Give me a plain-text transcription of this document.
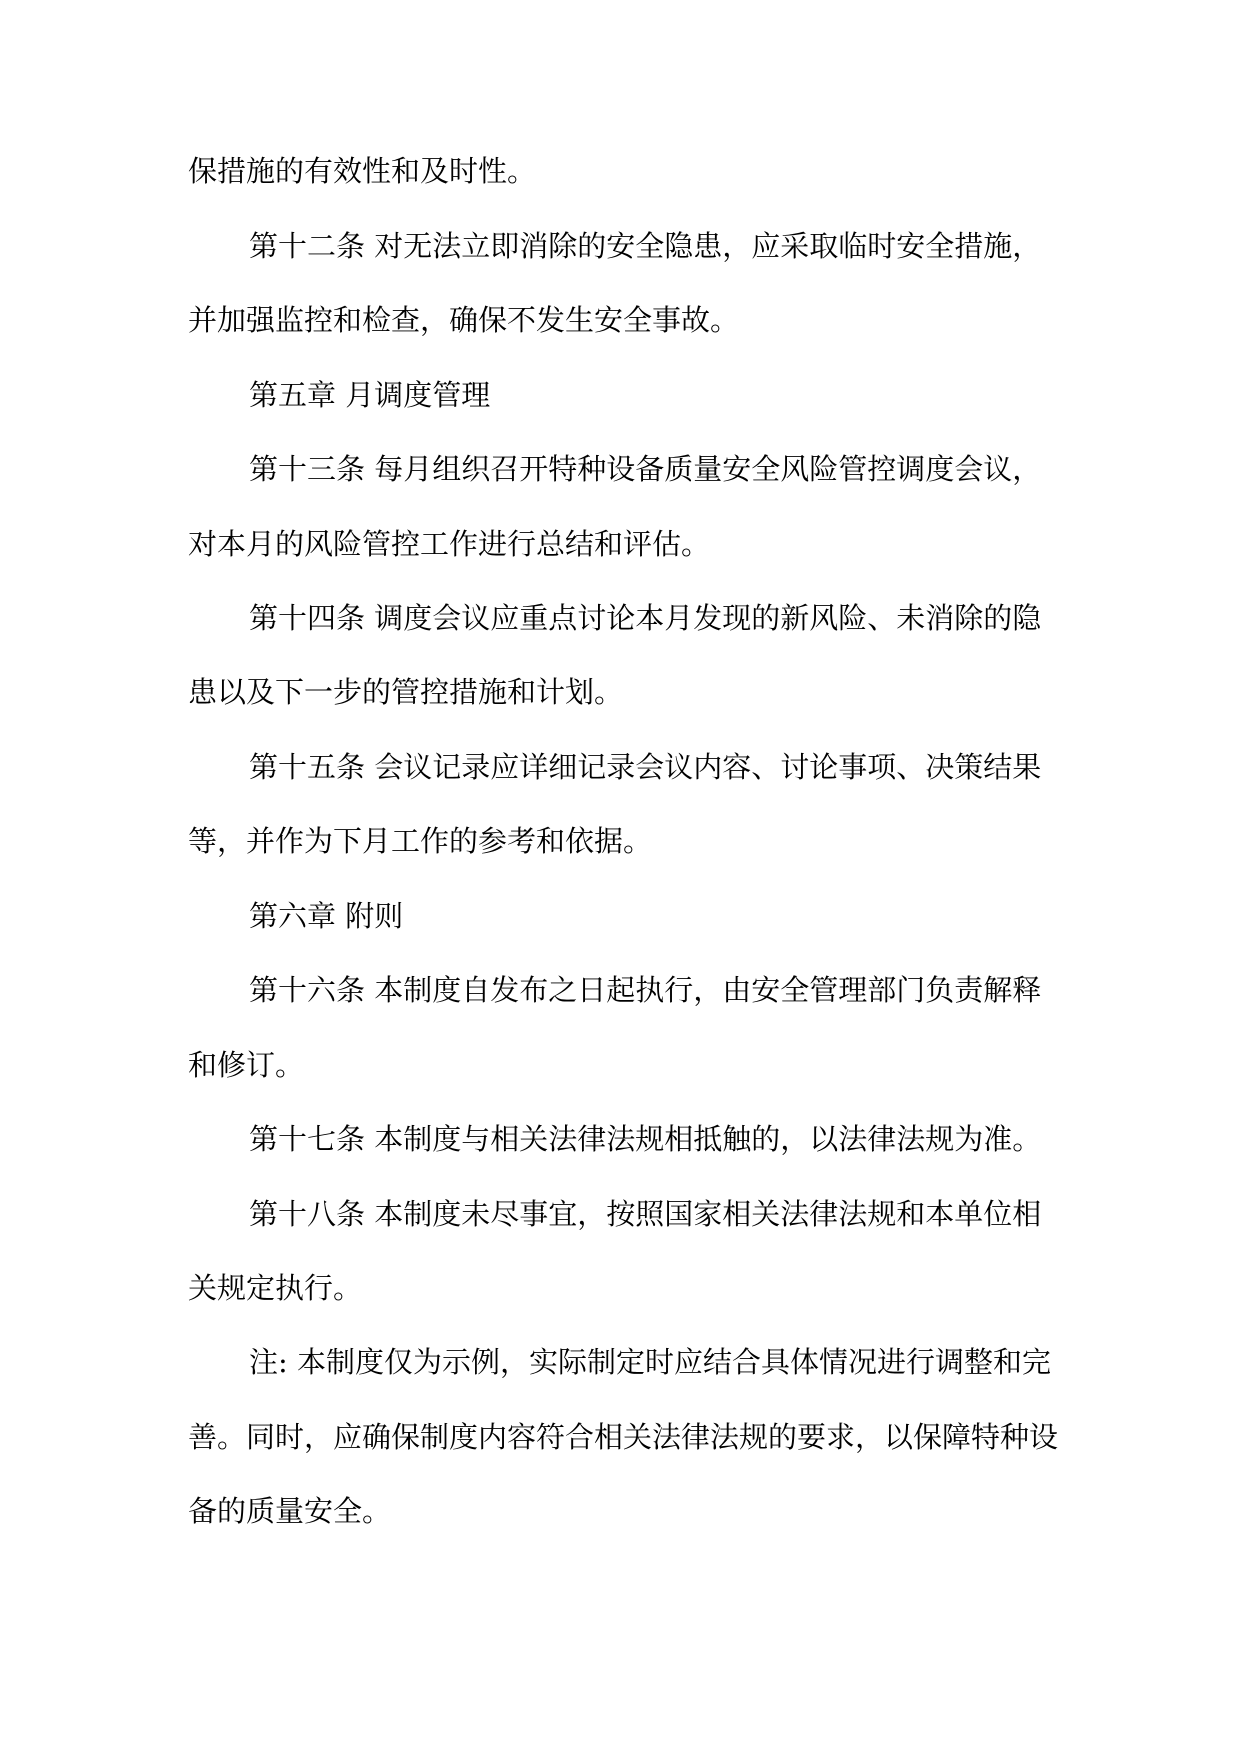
保措施的有效性和及时性。
第十二条 对无法立即消除的安全隐患，应采取临时安全措施，
并加强监控和检查，确保不发生安全事故。
第五章 月调度管理
第十三条 每月组织召开特种设备质量安全风险管控调度会议，
对本月的风险管控工作进行总结和评估。
第十四条 调度会议应重点讨论本月发现的新风险、未消除的隐
患以及下一步的管控措施和计划。
第十五条 会议记录应详细记录会议内容、讨论事项、决策结果
等，并作为下月工作的参考和依据。
第六章 附则
第十六条 本制度自发布之日起执行，由安全管理部门负责解释
和修订。
第十七条 本制度与相关法律法规相抵触的，以法律法规为准。
第十八条 本制度未尽事宜，按照国家相关法律法规和本单位相
关规定执行。
注: 本制度仅为示例，实际制定时应结合具体情况进行调整和完
善。同时，应确保制度内容符合相关法律法规的要求，以保障特种设
备的质量安全。
